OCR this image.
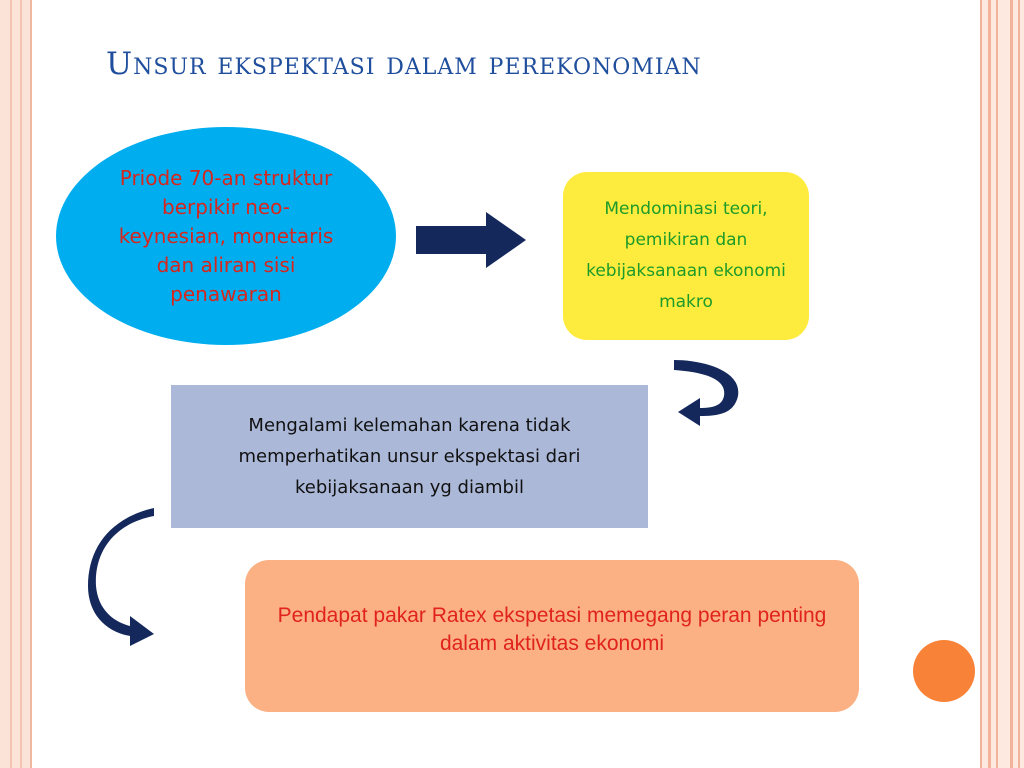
Unsur ekspektasi dalam perekonomian
Priode 70-an struktur berpikir neo-keynesian, monetaris dan aliran sisi penawaran
Mendominasi teori, pemikiran dan kebijaksanaan ekonomi makro
Mengalami kelemahan karena tidak memperhatikan unsur ekspektasi dari kebijaksanaan yg diambil
Pendapat pakar Ratex ekspetasi memegang peran penting dalam aktivitas ekonomi
